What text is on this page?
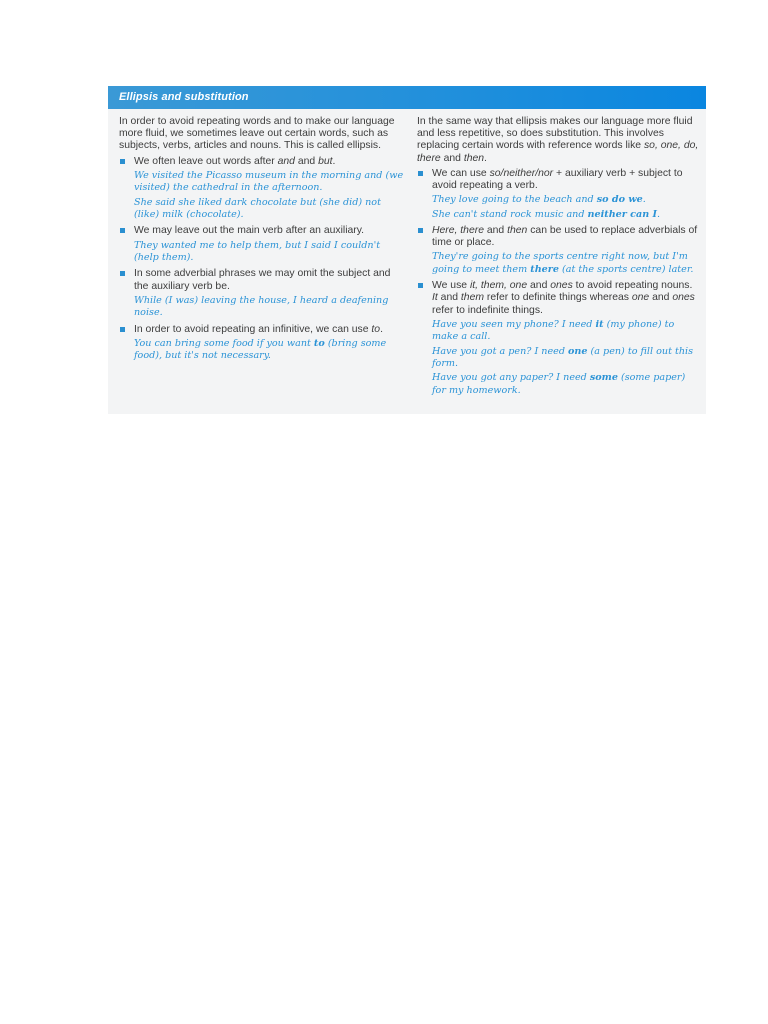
Ellipsis and substitution

In order to avoid repeating words and to make our language more fluid, we sometimes leave out certain words, such as subjects, verbs, articles and nouns. This is called ellipsis.

We often leave out words after and and but.
We visited the Picasso museum in the morning and (we visited) the cathedral in the afternoon.
She said she liked dark chocolate but (she did) not (like) milk (chocolate).
We may leave out the main verb after an auxiliary.
They wanted me to help them, but I said I couldn't (help them).
In some adverbial phrases we may omit the subject and the auxiliary verb be.
While (I was) leaving the house, I heard a deafening noise.
In order to avoid repeating an infinitive, we can use to.
You can bring some food if you want to (bring some food), but it's not necessary.

In the same way that ellipsis makes our language more fluid and less repetitive, so does substitution. This involves replacing certain words with reference words like so, one, do, there and then.

We can use so/neither/nor + auxiliary verb + subject to avoid repeating a verb.
They love going to the beach and so do we.
She can't stand rock music and neither can I.
Here, there and then can be used to replace adverbials of time or place.
They're going to the sports centre right now, but I'm going to meet them there (at the sports centre) later.
We use it, them, one and ones to avoid repeating nouns. It and them refer to definite things whereas one and ones refer to indefinite things.
Have you seen my phone? I need it (my phone) to make a call.
Have you got a pen? I need one (a pen) to fill out this form.
Have you got any paper? I need some (some paper) for my homework.
